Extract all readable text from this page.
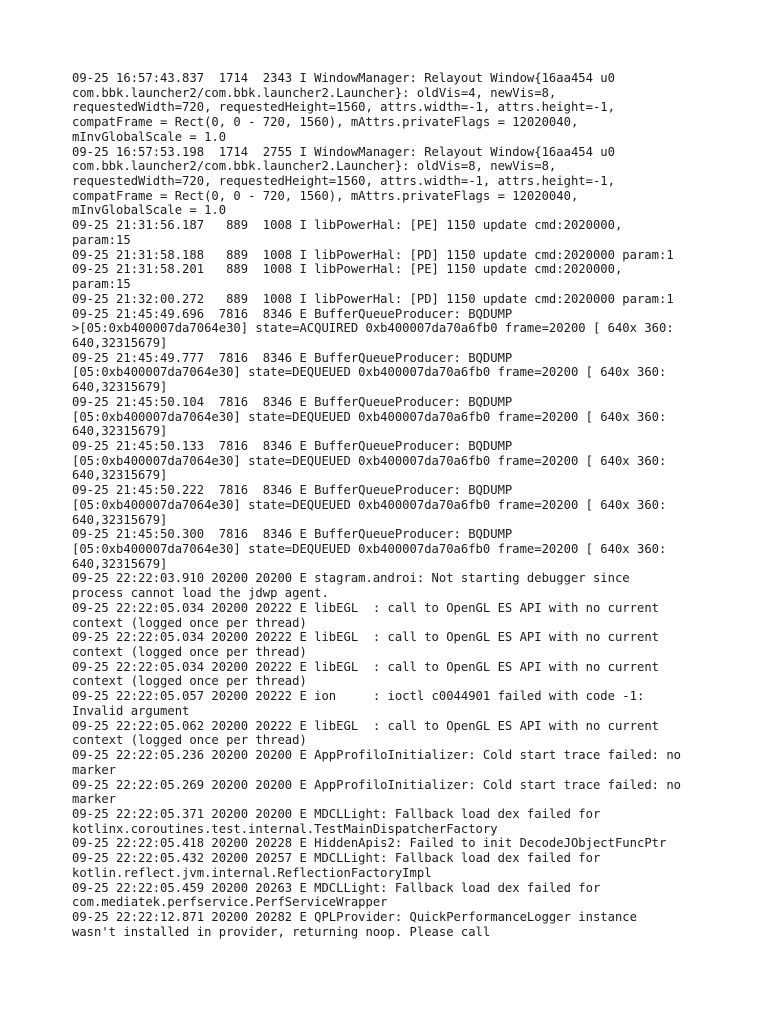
09-25 16:57:43.837  1714  2343 I WindowManager: Relayout Window{16aa454 u0
com.bbk.launcher2/com.bbk.launcher2.Launcher}: oldVis=4, newVis=8,
requestedWidth=720, requestedHeight=1560, attrs.width=-1, attrs.height=-1,
compatFrame = Rect(0, 0 - 720, 1560), mAttrs.privateFlags = 12020040,
mInvGlobalScale = 1.0
09-25 16:57:53.198  1714  2755 I WindowManager: Relayout Window{16aa454 u0
com.bbk.launcher2/com.bbk.launcher2.Launcher}: oldVis=8, newVis=8,
requestedWidth=720, requestedHeight=1560, attrs.width=-1, attrs.height=-1,
compatFrame = Rect(0, 0 - 720, 1560), mAttrs.privateFlags = 12020040,
mInvGlobalScale = 1.0
09-25 21:31:56.187   889  1008 I libPowerHal: [PE] 1150 update cmd:2020000,
param:15
09-25 21:31:58.188   889  1008 I libPowerHal: [PD] 1150 update cmd:2020000 param:1
09-25 21:31:58.201   889  1008 I libPowerHal: [PE] 1150 update cmd:2020000,
param:15
09-25 21:32:00.272   889  1008 I libPowerHal: [PD] 1150 update cmd:2020000 param:1
09-25 21:45:49.696  7816  8346 E BufferQueueProducer: BQDUMP
>[05:0xb400007da7064e30] state=ACQUIRED 0xb400007da70a6fb0 frame=20200 [ 640x 360:
640,32315679]
09-25 21:45:49.777  7816  8346 E BufferQueueProducer: BQDUMP
[05:0xb400007da7064e30] state=DEQUEUED 0xb400007da70a6fb0 frame=20200 [ 640x 360:
640,32315679]
09-25 21:45:50.104  7816  8346 E BufferQueueProducer: BQDUMP
[05:0xb400007da7064e30] state=DEQUEUED 0xb400007da70a6fb0 frame=20200 [ 640x 360:
640,32315679]
09-25 21:45:50.133  7816  8346 E BufferQueueProducer: BQDUMP
[05:0xb400007da7064e30] state=DEQUEUED 0xb400007da70a6fb0 frame=20200 [ 640x 360:
640,32315679]
09-25 21:45:50.222  7816  8346 E BufferQueueProducer: BQDUMP
[05:0xb400007da7064e30] state=DEQUEUED 0xb400007da70a6fb0 frame=20200 [ 640x 360:
640,32315679]
09-25 21:45:50.300  7816  8346 E BufferQueueProducer: BQDUMP
[05:0xb400007da7064e30] state=DEQUEUED 0xb400007da70a6fb0 frame=20200 [ 640x 360:
640,32315679]
09-25 22:22:03.910 20200 20200 E stagram.androi: Not starting debugger since
process cannot load the jdwp agent.
09-25 22:22:05.034 20200 20222 E libEGL  : call to OpenGL ES API with no current
context (logged once per thread)
09-25 22:22:05.034 20200 20222 E libEGL  : call to OpenGL ES API with no current
context (logged once per thread)
09-25 22:22:05.034 20200 20222 E libEGL  : call to OpenGL ES API with no current
context (logged once per thread)
09-25 22:22:05.057 20200 20222 E ion     : ioctl c0044901 failed with code -1:
Invalid argument
09-25 22:22:05.062 20200 20222 E libEGL  : call to OpenGL ES API with no current
context (logged once per thread)
09-25 22:22:05.236 20200 20200 E AppProfiloInitializer: Cold start trace failed: no
marker
09-25 22:22:05.269 20200 20200 E AppProfiloInitializer: Cold start trace failed: no
marker
09-25 22:22:05.371 20200 20200 E MDCLLight: Fallback load dex failed for
kotlinx.coroutines.test.internal.TestMainDispatcherFactory
09-25 22:22:05.418 20200 20228 E HiddenApis2: Failed to init DecodeJObjectFuncPtr
09-25 22:22:05.432 20200 20257 E MDCLLight: Fallback load dex failed for
kotlin.reflect.jvm.internal.ReflectionFactoryImpl
09-25 22:22:05.459 20200 20263 E MDCLLight: Fallback load dex failed for
com.mediatek.perfservice.PerfServiceWrapper
09-25 22:22:12.871 20200 20282 E QPLProvider: QuickPerformanceLogger instance
wasn't installed in provider, returning noop. Please call
